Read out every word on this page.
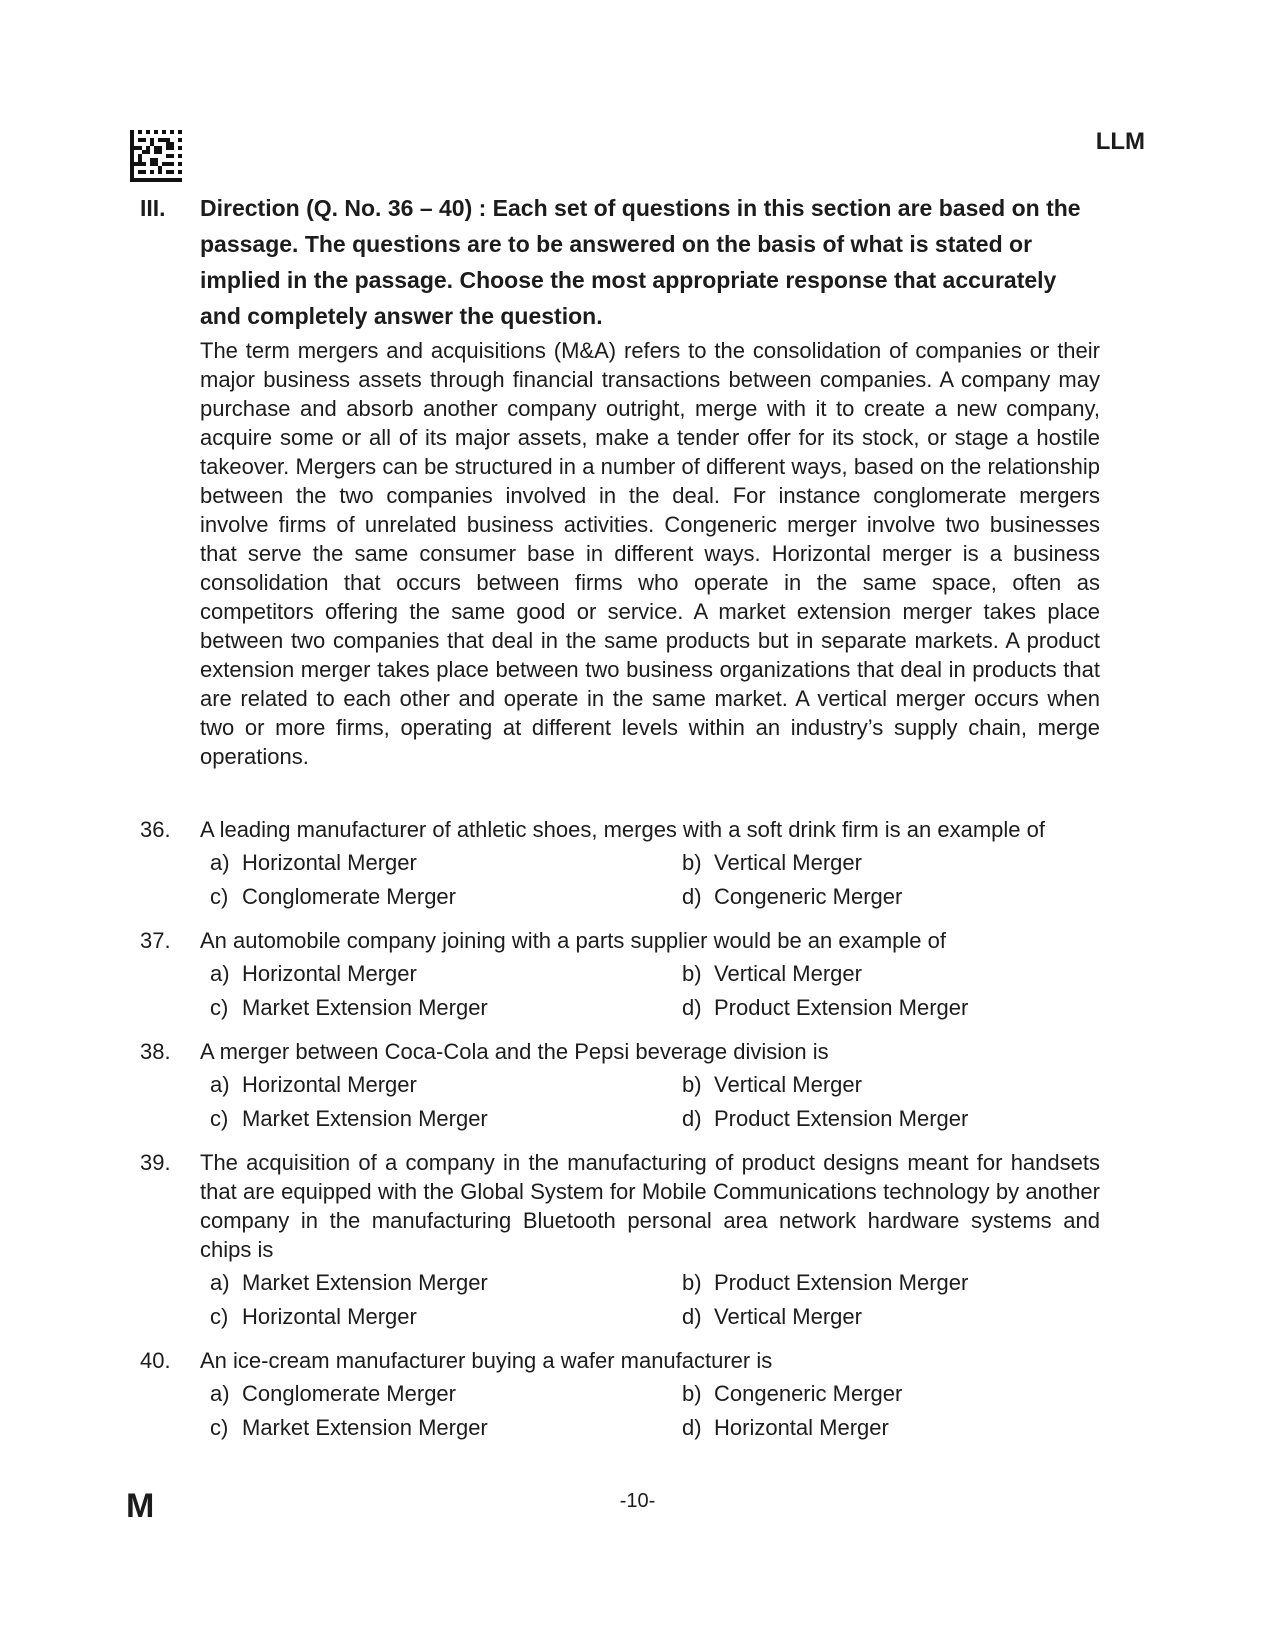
LLM
III.	Direction (Q. No. 36 – 40) : Each set of questions in this section are based on the passage. The questions are to be answered on the basis of what is stated or implied in the passage. Choose the most appropriate response that accurately and completely answer the question.
The term mergers and acquisitions (M&A) refers to the consolidation of companies or their major business assets through financial transactions between companies. A company may purchase and absorb another company outright, merge with it to create a new company, acquire some or all of its major assets, make a tender offer for its stock, or stage a hostile takeover. Mergers can be structured in a number of different ways, based on the relationship between the two companies involved in the deal. For instance conglomerate mergers involve firms of unrelated business activities. Congeneric merger involve two businesses that serve the same consumer base in different ways. Horizontal merger is a business consolidation that occurs between firms who operate in the same space, often as competitors offering the same good or service. A market extension merger takes place between two companies that deal in the same products but in separate markets. A product extension merger takes place between two business organizations that deal in products that are related to each other and operate in the same market. A vertical merger occurs when two or more firms, operating at different levels within an industry’s supply chain, merge operations.
36.	A leading manufacturer of athletic shoes, merges with a soft drink firm is an example of
a) Horizontal Merger	b) Vertical Merger
c) Conglomerate Merger	d) Congeneric Merger
37.	An automobile company joining with a parts supplier would be an example of
a) Horizontal Merger	b) Vertical Merger
c) Market Extension Merger	d) Product Extension Merger
38.	A merger between Coca-Cola and the Pepsi beverage division is
a) Horizontal Merger	b) Vertical Merger
c) Market Extension Merger	d) Product Extension Merger
39.	The acquisition of a company in the manufacturing of product designs meant for handsets that are equipped with the Global System for Mobile Communications technology by another company in the manufacturing Bluetooth personal area network hardware systems and chips is
a) Market Extension Merger	b) Product Extension Merger
c) Horizontal Merger	d) Vertical Merger
40.	An ice-cream manufacturer buying a wafer manufacturer is
a) Conglomerate Merger	b) Congeneric Merger
c) Market Extension Merger	d) Horizontal Merger
M	-10-
